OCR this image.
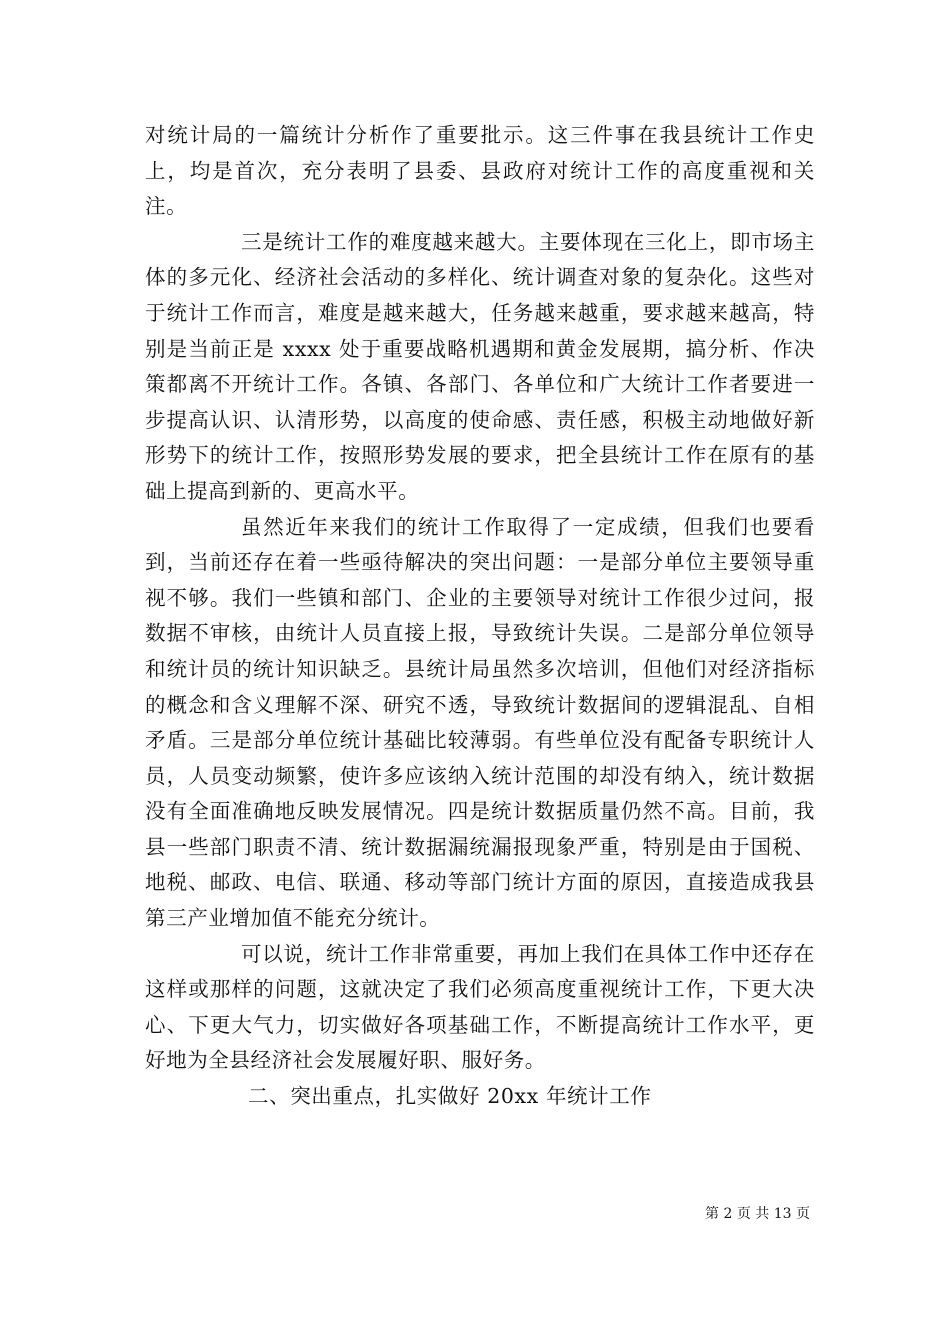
对统计局的一篇统计分析作了重要批示。这三件事在我县统计工作史上，均是首次，充分表明了县委、县政府对统计工作的高度重视和关注。

三是统计工作的难度越来越大。主要体现在三化上，即市场主体的多元化、经济社会活动的多样化、统计调查对象的复杂化。这些对于统计工作而言，难度是越来越大，任务越来越重，要求越来越高，特别是当前正是 xxxx 处于重要战略机遇期和黄金发展期，搞分析、作决策都离不开统计工作。各镇、各部门、各单位和广大统计工作者要进一步提高认识、认清形势，以高度的使命感、责任感，积极主动地做好新形势下的统计工作，按照形势发展的要求，把全县统计工作在原有的基础上提高到新的、更高水平。

虽然近年来我们的统计工作取得了一定成绩，但我们也要看到，当前还存在着一些亟待解决的突出问题：一是部分单位主要领导重视不够。我们一些镇和部门、企业的主要领导对统计工作很少过问，报数据不审核，由统计人员直接上报，导致统计失误。二是部分单位领导和统计员的统计知识缺乏。县统计局虽然多次培训，但他们对经济指标的概念和含义理解不深、研究不透，导致统计数据间的逻辑混乱、自相矛盾。三是部分单位统计基础比较薄弱。有些单位没有配备专职统计人员，人员变动频繁，使许多应该纳入统计范围的却没有纳入，统计数据没有全面准确地反映发展情况。四是统计数据质量仍然不高。目前，我县一些部门职责不清、统计数据漏统漏报现象严重，特别是由于国税、地税、邮政、电信、联通、移动等部门统计方面的原因，直接造成我县第三产业增加值不能充分统计。

可以说，统计工作非常重要，再加上我们在具体工作中还存在这样或那样的问题，这就决定了我们必须高度重视统计工作，下更大决心、下更大气力，切实做好各项基础工作，不断提高统计工作水平，更好地为全县经济社会发展履好职、服好务。

二、突出重点，扎实做好 20xx 年统计工作

第 2 页 共 13 页
